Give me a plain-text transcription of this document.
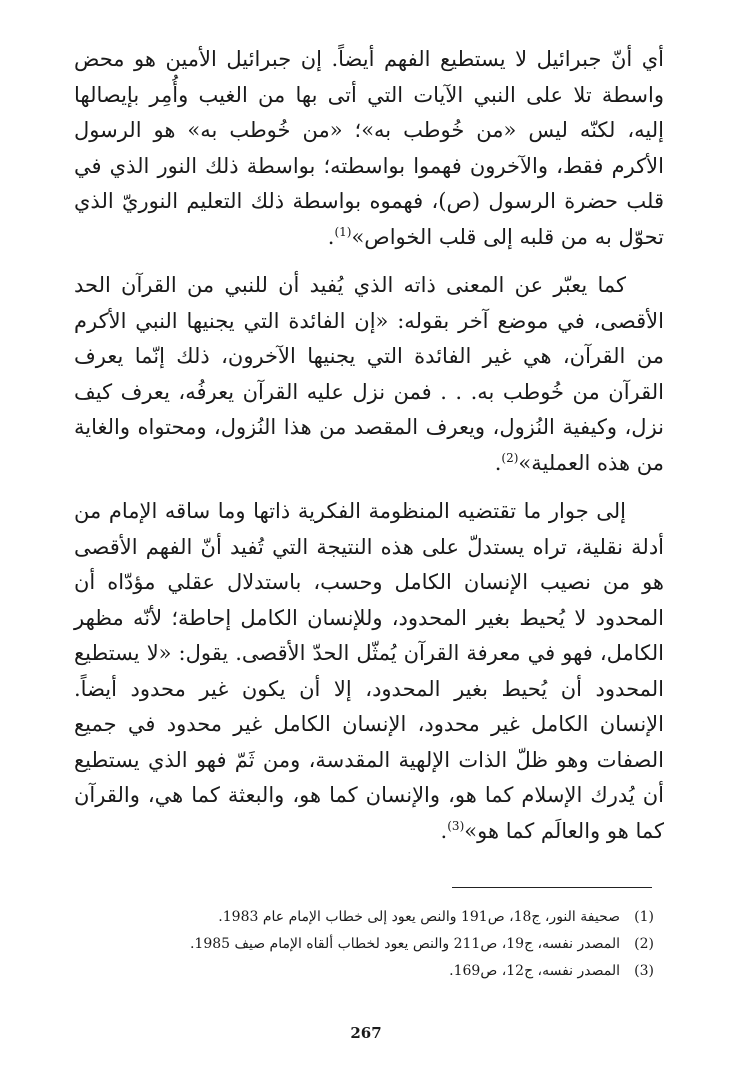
أي أنّ جبرائيل لا يستطيع الفهم أيضاً. إن جبرائيل الأمين هو محض واسطة تلا على النبي الآيات التي أتى بها من الغيب وأُمِر بإيصالها إليه، لكنّه ليس «من خُوطب به»؛ «من خُوطب به» هو الرسول الأكرم فقط، والآخرون فهموا بواسطته؛ بواسطة ذلك النور الذي في قلب حضرة الرسول (ص)، فهموه بواسطة ذلك التعليم النوريّ الذي تحوّل به من قلبه إلى قلب الخواص»$^{(1)}$.

كما يعبّر عن المعنى ذاته الذي يُفيد أن للنبي من القرآن الحد الأقصى، في موضع آخر بقوله: «إن الفائدة التي يجنيها النبي الأكرم من القرآن، هي غير الفائدة التي يجنيها الآخرون، ذلك إنّما يعرف القرآن من خُوطب به. . . فمن نزل عليه القرآن يعرفُه، يعرف كيف نزل، وكيفية النُزول، ويعرف المقصد من هذا النُزول، ومحتواه والغاية من هذه العملية»$^{(2)}$.

إلى جوار ما تقتضيه المنظومة الفكرية ذاتها وما ساقه الإمام من أدلة نقلية، تراه يستدلّ على هذه النتيجة التي تُفيد أنّ الفهم الأقصى هو من نصيب الإنسان الكامل وحسب، باستدلال عقلي مؤدّاه أن المحدود لا يُحيط بغير المحدود، وللإنسان الكامل إحاطة؛ لأنّه مظهر الكامل، فهو في معرفة القرآن يُمثّل الحدّ الأقصى. يقول: «لا يستطيع المحدود أن يُحيط بغير المحدود، إلا أن يكون غير محدود أيضاً. الإنسان الكامل غير محدود، الإنسان الكامل غير محدود في جميع الصفات وهو ظلّ الذات الإلهية المقدسة، ومن ثَمّ فهو الذي يستطيع أن يُدرك الإسلام كما هو، والإنسان كما هو، والبعثة كما هي، والقرآن كما هو والعالَم كما هو»$^{(3)}$.

(1)
صحيفة النور، ج18، ص191 والنص يعود إلى خطاب الإمام عام 1983.
(2)
المصدر نفسه، ج19، ص211 والنص يعود لخطاب ألقاه الإمام صيف 1985.
(3)
المصدر نفسه، ج12، ص169.
267
